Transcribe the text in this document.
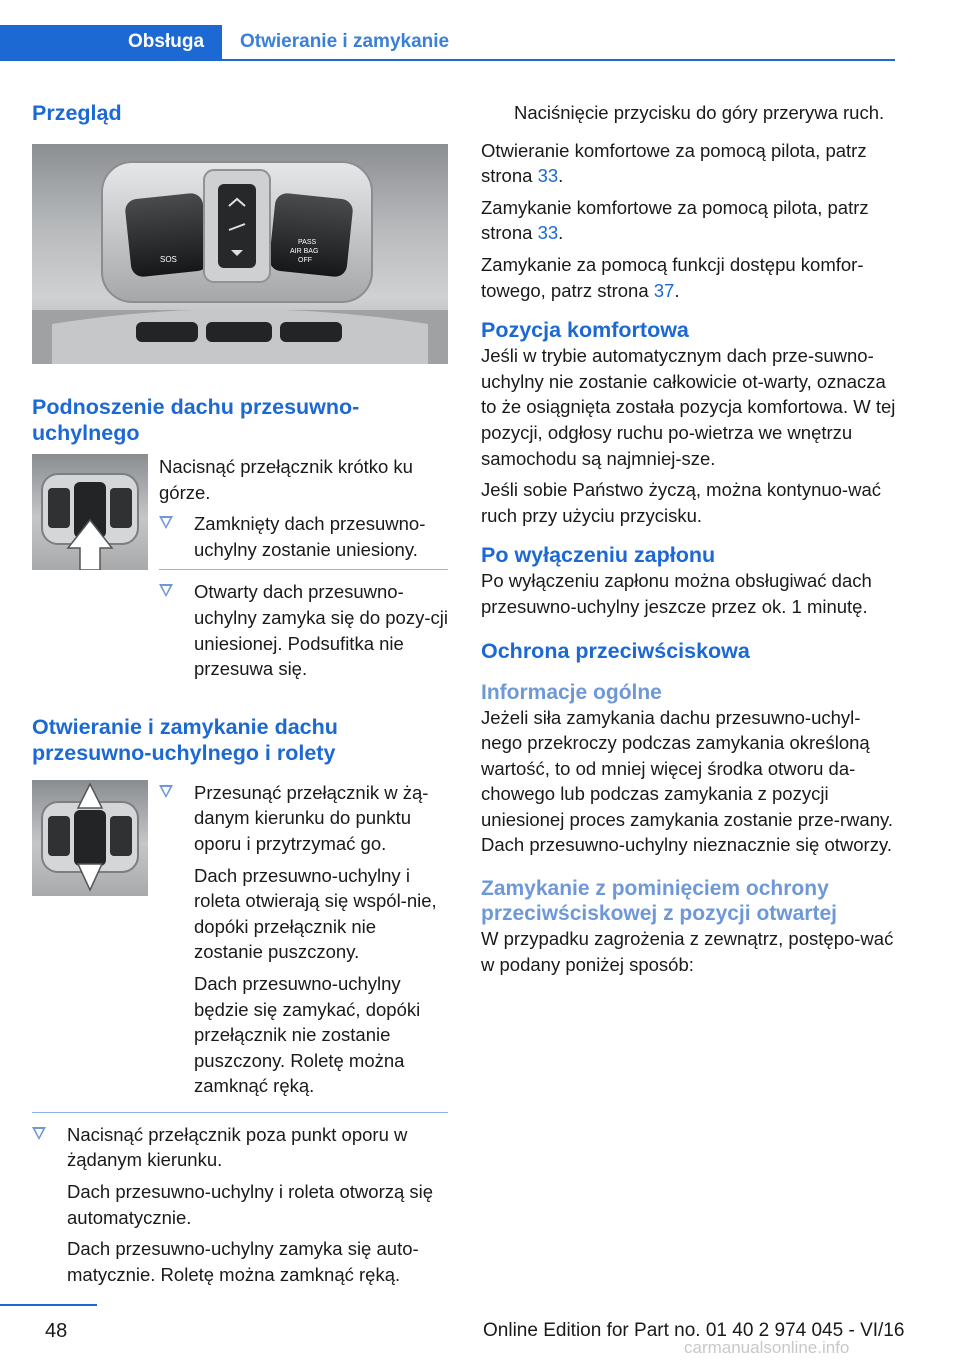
Obsługa	Otwieranie i zamykanie
Przegląd
SOS
PASS
AIR BAG
OFF
Podnoszenie dachu przesuwno-uchylnego

Nacisnąć przełącznik krótko ku górze.

Zamknięty dach przesuwno-uchylny zostanie uniesiony.
Otwarty dach przesuwno-uchylny zamyka się do pozy-cji uniesionej. Podsufitka nie przesuwa się.
Otwieranie i zamykanie dachu przesuwno-uchylnego i rolety

Przesunąć przełącznik w żą-danym kierunku do punktu oporu i przytrzymać go.

Dach przesuwno-uchylny i roleta otwierają się wspól-nie, dopóki przełącznik nie zostanie puszczony.

Dach przesuwno-uchylny będzie się zamykać, dopóki przełącznik nie zostanie puszczony. Roletę można zamknąć ręką.

Nacisnąć przełącznik poza punkt oporu w żądanym kierunku.

Dach przesuwno-uchylny i roleta otworzą się automatycznie.

Dach przesuwno-uchylny zamyka się auto-matycznie. Roletę można zamknąć ręką.

Naciśnięcie przycisku do góry przerywa ruch.

Otwieranie komfortowe za pomocą pilota, patrz strona 33.

Zamykanie komfortowe za pomocą pilota, patrz strona 33.

Zamykanie za pomocą funkcji dostępu komfor-towego, patrz strona 37.

Pozycja komfortowa

Jeśli w trybie automatycznym dach prze-suwno-uchylny nie zostanie całkowicie ot-warty, oznacza to że osiągnięta została pozycja komfortowa. W tej pozycji, odgłosy ruchu po-wietrza we wnętrzu samochodu są najmniej-sze.

Jeśli sobie Państwo życzą, można kontynuo-wać ruch przy użyciu przycisku.

Po wyłączeniu zapłonu

Po wyłączeniu zapłonu można obsługiwać dach przesuwno-uchylny jeszcze przez ok. 1 minutę.

Ochrona przeciwściskowa
Informacje ogólne

Jeżeli siła zamykania dachu przesuwno-uchyl-nego przekroczy podczas zamykania określoną wartość, to od mniej więcej środka otworu da-chowego lub podczas zamykania z pozycji uniesionej proces zamykania zostanie prze-rwany. Dach przesuwno-uchylny nieznacznie się otworzy.

Zamykanie z pominięciem ochrony przeciwściskowej z pozycji otwartej

W przypadku zagrożenia z zewnątrz, postępo-wać w podany poniżej sposób:

48	Online Edition for Part no. 01 40 2 974 045 - VI/16
carmanualsonline.info
